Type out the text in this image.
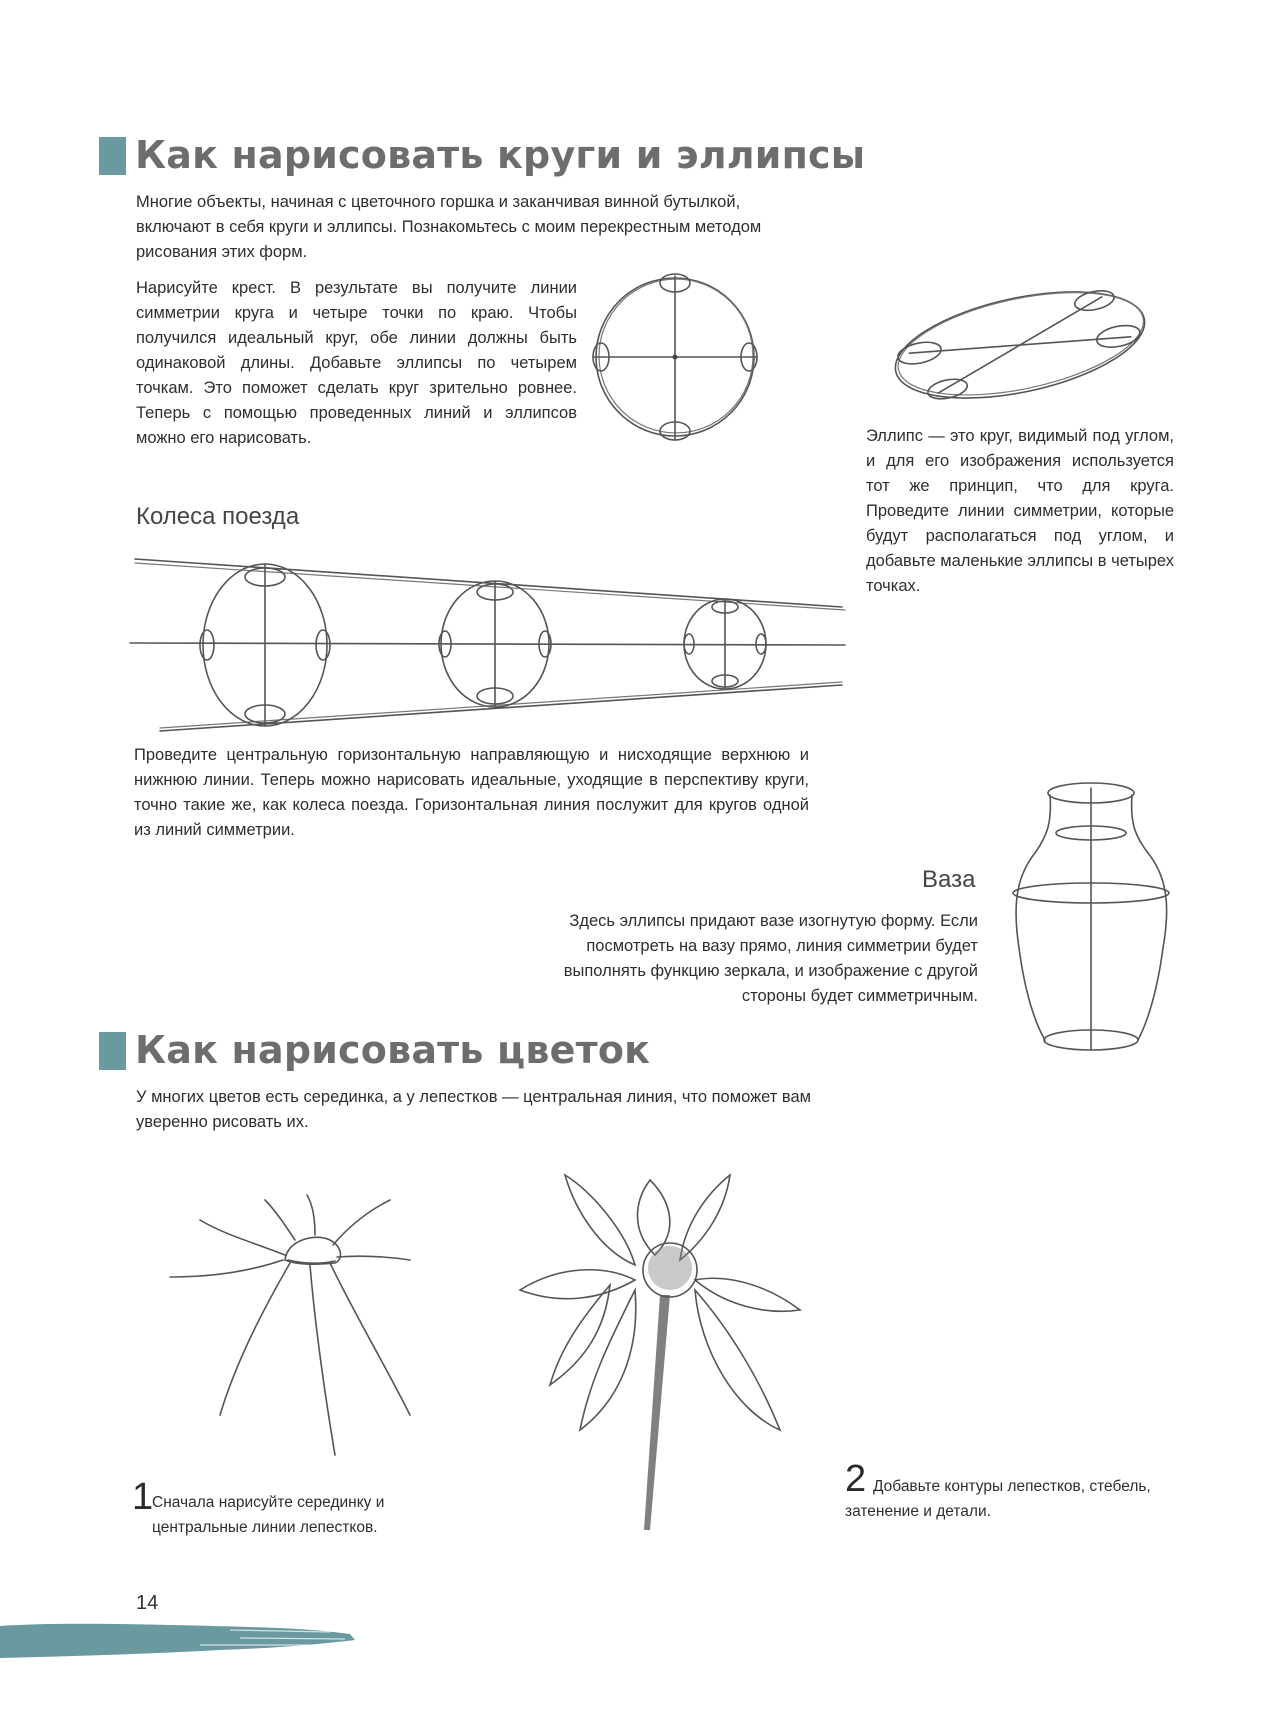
Как нарисовать круги и эллипсы
Многие объекты, начиная с цветочного горшка и заканчивая винной бутылкой, включают в себя круги и эллипсы. Познакомьтесь с моим перекрестным методом рисования этих форм.
Нарисуйте крест. В результате вы получите линии симметрии круга и четыре точки по краю. Чтобы получился идеальный круг, обе линии должны быть одинаковой длины. Добавьте эллипсы по четырем точкам. Это поможет сделать круг зрительно ровнее. Теперь с помощью проведенных линий и эллипсов можно его нарисовать.	Эллипс — это круг, видимый под углом, и для его изображения используется тот же принцип, что для круга. Проведите линии симметрии, которые будут располагаться под углом, и добавьте маленькие эллипсы в четырех точках.
Колеса поезда
Проведите центральную горизонтальную направляющую и нисходящие верхнюю и нижнюю линии. Теперь можно нарисовать идеальные, уходящие в перспективу круги, точно такие же, как колеса поезда. Горизонтальная линия послужит для кругов одной из линий симметрии.
Ваза
Здесь эллипсы придают вазе изогнутую форму. Если посмотреть на вазу прямо, линия симметрии будет выполнять функцию зеркала, и изображение с другой стороны будет симметричным.
Как нарисовать цветок
У многих цветов есть серединка, а у лепестков — центральная линия, что поможет вам уверенно рисовать их.
1
Сначала нарисуйте серединку и центральные линии лепестков.
2 Добавьте контуры лепестков, стебель, затенение и детали.
14
